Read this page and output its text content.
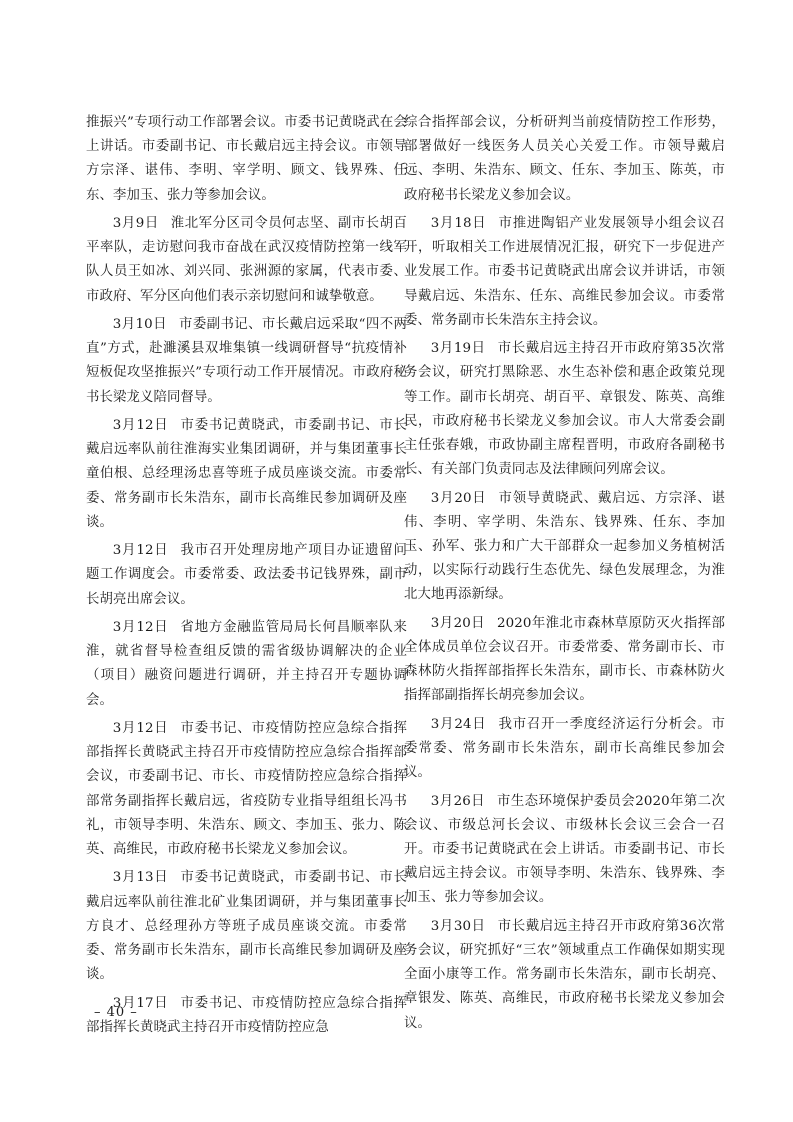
推振兴”专项行动工作部署会议。市委书记黄晓武在会上讲话。市委副书记、市长戴启远主持会议。市领导方宗泽、谌伟、李明、宰学明、顾文、钱界殊、任东、李加玉、张力等参加会议。

3月9日 淮北军分区司令员何志坚、副市长胡百平率队，走访慰问我市奋战在武汉疫情防控第一线军队人员王如冰、刘兴同、张洲源的家属，代表市委、市政府、军分区向他们表示亲切慰问和诚挚敬意。

3月10日 市委副书记、市长戴启远采取“四不两直”方式，赴濉溪县双堆集镇一线调研督导“抗疫情补短板促攻坚推振兴”专项行动工作开展情况。市政府秘书长梁龙义陪同督导。

3月12日 市委书记黄晓武，市委副书记、市长戴启远率队前往淮海实业集团调研，并与集团董事长童伯根、总经理汤忠喜等班子成员座谈交流。市委常委、常务副市长朱浩东，副市长高维民参加调研及座谈。

3月12日 我市召开处理房地产项目办证遗留问题工作调度会。市委常委、政法委书记钱界殊，副市长胡亮出席会议。

3月12日 省地方金融监管局局长何昌顺率队来淮，就省督导检查组反馈的需省级协调解决的企业（项目）融资问题进行调研，并主持召开专题协调会。

3月12日 市委书记、市疫情防控应急综合指挥部指挥长黄晓武主持召开市疫情防控应急综合指挥部会议，市委副书记、市长、市疫情防控应急综合指挥部常务副指挥长戴启远，省疫防专业指导组组长冯书礼，市领导李明、朱浩东、顾文、李加玉、张力、陈英、高维民，市政府秘书长梁龙义参加会议。

3月13日 市委书记黄晓武，市委副书记、市长戴启远率队前往淮北矿业集团调研，并与集团董事长方良才、总经理孙方等班子成员座谈交流。市委常委、常务副市长朱浩东，副市长高维民参加调研及座谈。

3月17日 市委书记、市疫情防控应急综合指挥部指挥长黄晓武主持召开市疫情防控应急

综合指挥部会议，分析研判当前疫情防控工作形势，部署做好一线医务人员关心关爱工作。市领导戴启远、李明、朱浩东、顾文、任东、李加玉、陈英，市政府秘书长梁龙义参加会议。

3月18日 市推进陶铝产业发展领导小组会议召开，听取相关工作进展情况汇报，研究下一步促进产业发展工作。市委书记黄晓武出席会议并讲话，市领导戴启远、朱浩东、任东、高维民参加会议。市委常委、常务副市长朱浩东主持会议。

3月19日 市长戴启远主持召开市政府第35次常务会议，研究打黑除恶、水生态补偿和惠企政策兑现等工作。副市长胡亮、胡百平、章银发、陈英、高维民，市政府秘书长梁龙义参加会议。市人大常委会副主任张春娥，市政协副主席程晋明，市政府各副秘书长、有关部门负责同志及法律顾问列席会议。

3月20日 市领导黄晓武、戴启远、方宗泽、谌伟、李明、宰学明、朱浩东、钱界殊、任东、李加玉、孙军、张力和广大干部群众一起参加义务植树活动，以实际行动践行生态优先、绿色发展理念，为淮北大地再添新绿。

3月20日 2020年淮北市森林草原防灭火指挥部全体成员单位会议召开。市委常委、常务副市长、市森林防火指挥部指挥长朱浩东，副市长、市森林防火指挥部副指挥长胡亮参加会议。

3月24日 我市召开一季度经济运行分析会。市委常委、常务副市长朱浩东，副市长高维民参加会议。

3月26日 市生态环境保护委员会2020年第二次会议、市级总河长会议、市级林长会议三会合一召开。市委书记黄晓武在会上讲话。市委副书记、市长戴启远主持会议。市领导李明、朱浩东、钱界殊、李加玉、张力等参加会议。

3月30日 市长戴启远主持召开市政府第36次常务会议，研究抓好“三农”领域重点工作确保如期实现全面小康等工作。常务副市长朱浩东，副市长胡亮、章银发、陈英、高维民，市政府秘书长梁龙义参加会议。

– 40 –
